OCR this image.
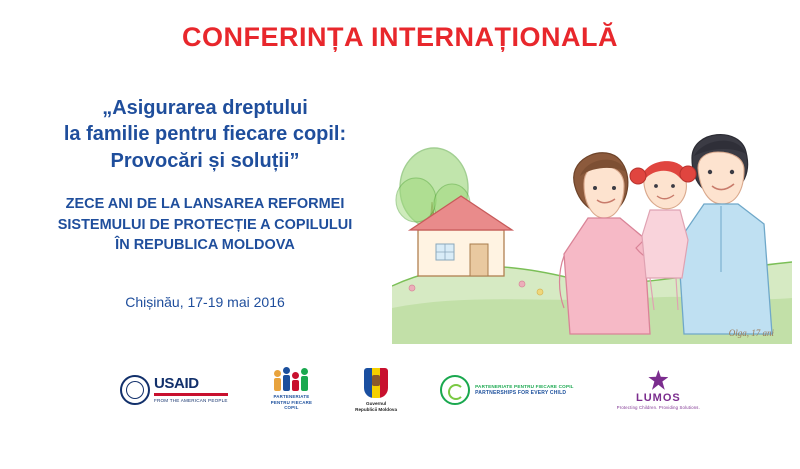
CONFERINȚA INTERNAȚIONALĂ
„Asigurarea dreptului
la familie pentru fiecare copil:
Provocări și soluții”
ZECE ANI DE LA LANSAREA REFORMEI
SISTEMULUI DE PROTECȚIE A COPILULUI
ÎN REPUBLICA MOLDOVA
Chișinău, 17-19 mai 2016
Olga, 17 ani
USAID
FROM THE AMERICAN PEOPLE
PARTENERIATE
PENTRU FIECARE
COPIL
Guvernul
Republicii Moldova
PARTENERIATE PENTRU FIECARE COPIL
PARTNERSHIPS FOR EVERY CHILD	LUMOS
Protecting Children. Providing Solutions.
